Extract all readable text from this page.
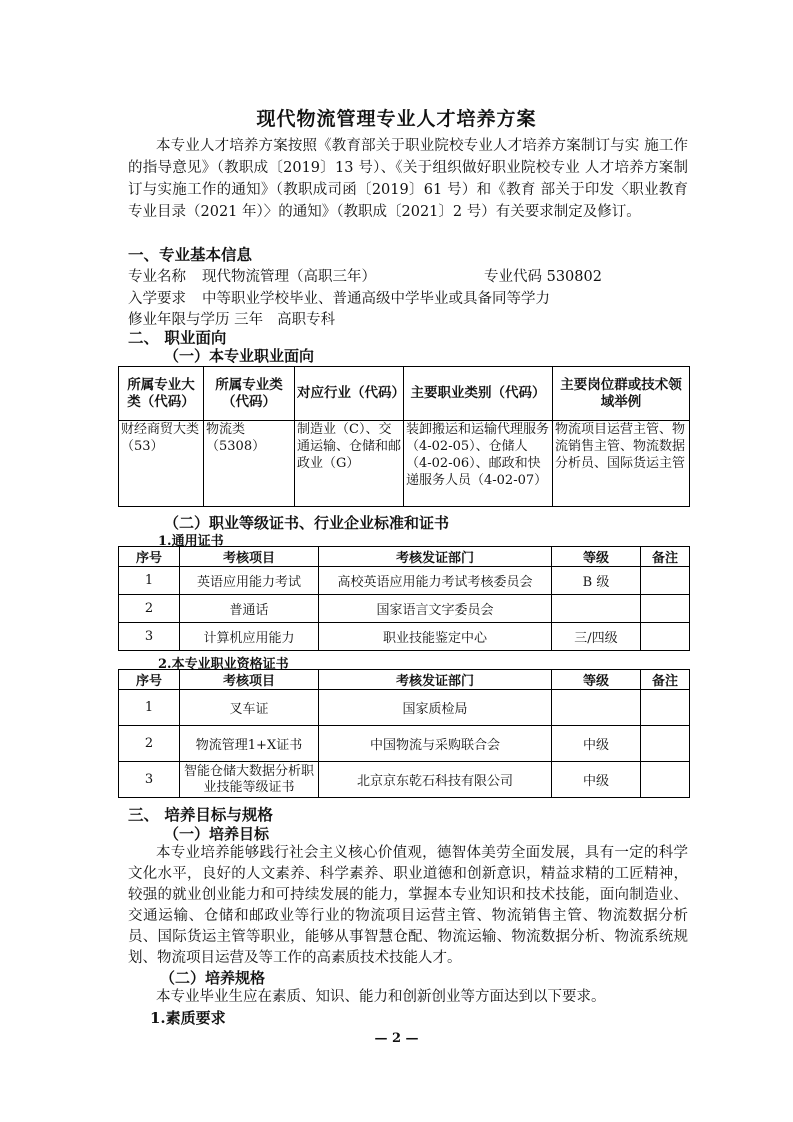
现代物流管理专业人才培养方案
本专业人才培养方案按照《教育部关于职业院校专业人才培养方案制订与实 施工作的指导意见》（教职成〔2019〕13 号）、《关于组织做好职业院校专业 人才培养方案制订与实施工作的通知》（教职成司函〔2019〕61 号）和《教育 部关于印发〈职业教育专业目录（2021 年）〉的通知》（教职成〔2021〕2 号）有关要求制定及修订。
一、专业基本信息
专业名称 现代物流管理（高职三年）	专业代码 530802
入学要求 中等职业学校毕业、普通高级中学毕业或具备同等学力
修业年限与学历 三年 高职专科
二、 职业面向
（一）本专业职业面向
所属专业大类（代码）	所属专业类（代码）	对应行业（代码）	主要职业类别（代码）	主要岗位群或技术领域举例
财经商贸大类（53）	物流类（5308）	制造业（C）、交通运输、仓储和邮政业（G）	装卸搬运和运输代理服务（4-02-05）、仓储人（4-02-06）、邮政和快递服务人员（4-02-07）	物流项目运营主管、物流销售主管、物流数据分析员、国际货运主管
（二）职业等级证书、行业企业标准和证书
1.通用证书
序号	考核项目	考核发证部门	等级	备注
1	英语应用能力考试	高校英语应用能力考试考核委员会	B 级	
2	普通话	国家语言文字委员会		
3	计算机应用能力	职业技能鉴定中心	三/四级	
2.本专业职业资格证书
序号	考核项目	考核发证部门	等级	备注
1	叉车证	国家质检局		
2	物流管理1+X证书	中国物流与采购联合会	中级	
3	智能仓储大数据分析职业技能等级证书	北京京东乾石科技有限公司	中级	
三、 培养目标与规格
（一）培养目标
本专业培养能够践行社会主义核心价值观，德智体美劳全面发展，具有一定的科学文化水平，良好的人文素养、科学素养、职业道德和创新意识，精益求精的工匠精神，较强的就业创业能力和可持续发展的能力，掌握本专业知识和技术技能，面向制造业、交通运输、仓储和邮政业等行业的物流项目运营主管、物流销售主管、物流数据分析员、国际货运主管等职业，能够从事智慧仓配、物流运输、物流数据分析、物流系统规划、物流项目运营及等工作的高素质技术技能人才。
（二）培养规格
本专业毕业生应在素质、知识、能力和创新创业等方面达到以下要求。
1.素质要求
— 2 —
